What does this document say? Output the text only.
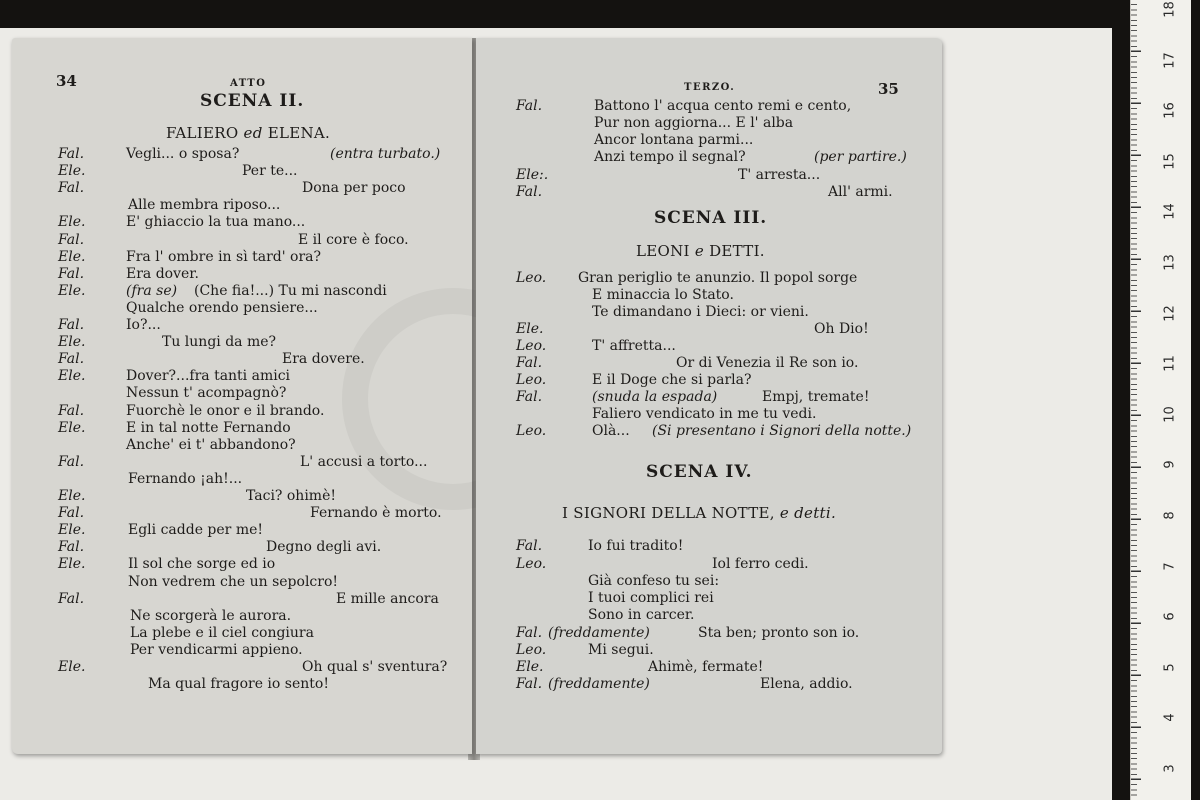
34	ATTO
SCENA II.
FALIERO ed ELENA.
Fal.	Vegli... o sposa?	(entra turbato.)
Ele.	Per te...
Fal.	Dona per poco
Alle membra riposo...
Ele.	E' ghiaccio la tua mano...
Fal.	E il core è foco.
Ele.	Fra l' ombre in sì tard' ora?
Fal.	Era dover.
Ele.	(fra se) (Che fia!...) Tu mi nascondi
Qualche orendo pensiere...
Fal.	Io?...
Ele.	Tu lungi da me?
Fal.	Era dovere.
Ele.	Dover?...fra tanti amici
Nessun t' acompagnò?
Fal.	Fuorchè le onor e il brando.
Ele.	E in tal notte Fernando
Anche' ei t' abbandono?
Fal.	L' accusi a torto...
Fernando ¡ah!...
Ele.	Taci? ohimè!
Fal.	Fernando è morto.
Ele.	Egli cadde per me!
Fal.	Degno degli avi.
Ele.	Il sol che sorge ed io
Non vedrem che un sepolcro!
Fal.	E mille ancora
Ne scorgerà le aurora.
La plebe e il ciel congiura
Per vendicarmi appieno.
Ele.	Oh qual s' sventura?
Ma qual fragore io sento!
TERZO.	35
Fal.	Battono l' acqua cento remi e cento,
Pur non aggiorna... E l' alba
Ancor lontana parmi...
Anzi tempo il segnal?	(per partire.)
Ele:.	T' arresta...
Fal.	All' armi.
SCENA III.
LEONI e DETTI.
Leo. Gran periglio te anunzio. Il popol sorge
E minaccia lo Stato.
Te dimandano i Dieci: or vieni.
Ele.	Oh Dio!
Leo.	T' affretta...
Fal.	Or di Venezia il Re son io.
Leo.	E il Doge che si parla?
Fal.	(snuda la espada)	Empj, tremate!
Faliero vendicato in me tu vedi.
Leo.	Olà... (Si presentano i Signori della notte.)
SCENA IV.
I SIGNORI DELLA NOTTE, e detti.
Fal.	Io fui tradito!
Leo.	Iol ferro cedi.
Già confeso tu sei:
I tuoi complici rei
Sono in carcer.
Fal. (freddamente)	Sta ben; pronto son io.
Leo.	Mi segui.
Ele.	Ahimè, fermate!
Fal. (freddamente)	Elena, addio.
18
17
16
15
14
13
12
11
10
9
8
7
6
5
4
3
